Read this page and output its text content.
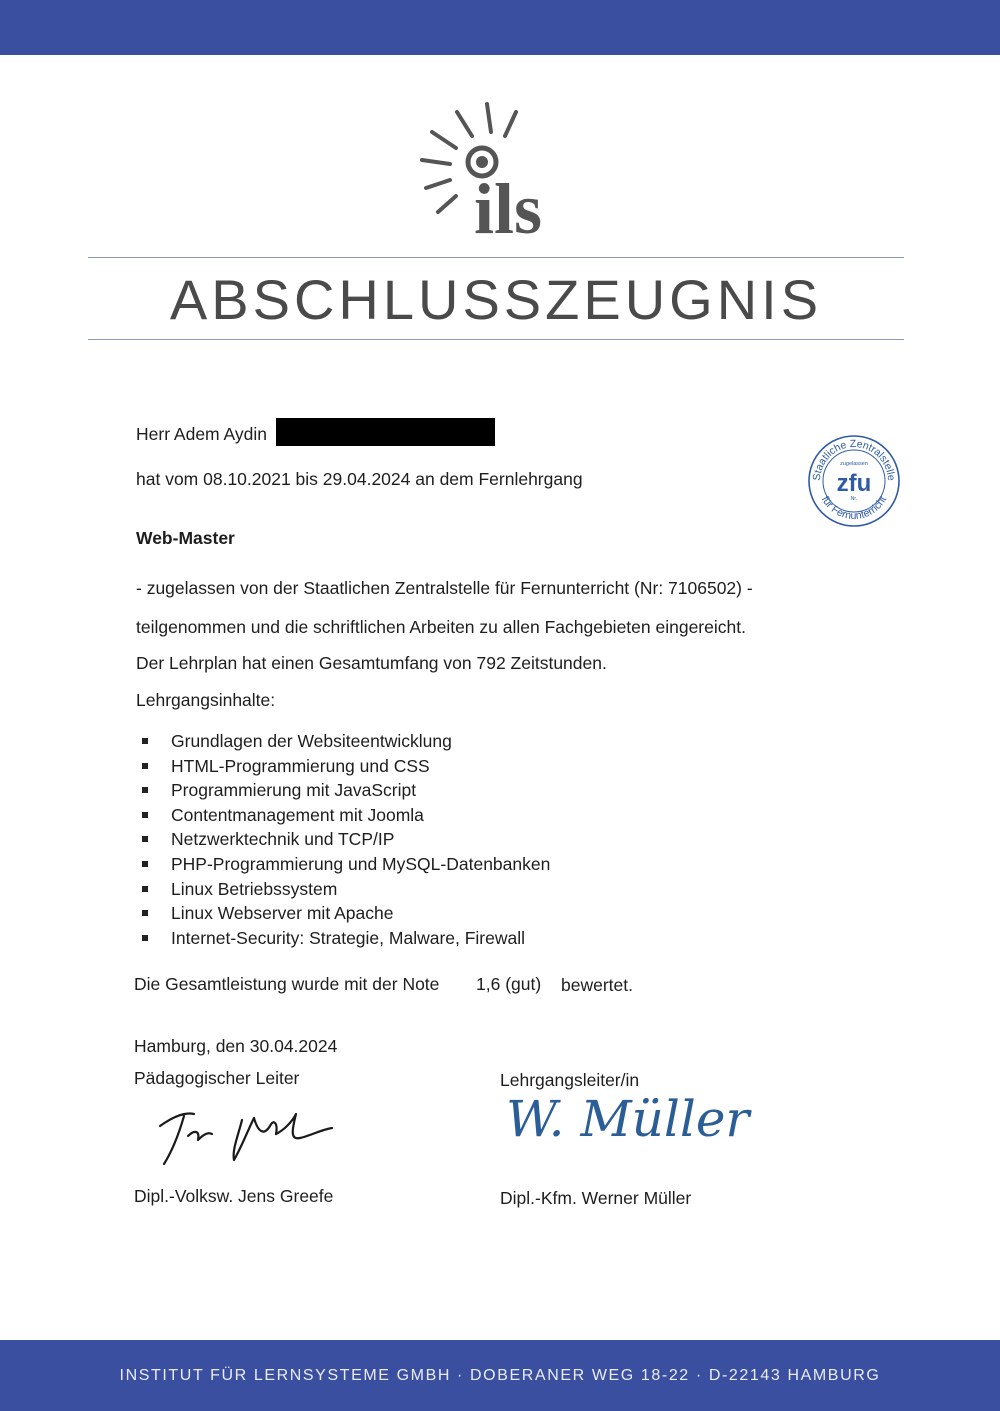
ils
ABSCHLUSSZEUGNIS
Herr Adem Aydin
hat vom 08.10.2021 bis 29.04.2024 an dem Fernlehrgang
Web-Master
- zugelassen von der Staatlichen Zentralstelle für Fernunterricht (Nr: 7106502) -
teilgenommen und die schriftlichen Arbeiten zu allen Fachgebieten eingereicht.
Der Lehrplan hat einen Gesamtumfang von 792 Zeitstunden.
Lehrgangsinhalte:
Grundlagen der Websiteentwicklung
HTML-Programmierung und CSS
Programmierung mit JavaScript
Contentmanagement mit Joomla
Netzwerktechnik und TCP/IP
PHP-Programmierung und MySQL-Datenbanken
Linux Betriebssystem
Linux Webserver mit Apache
Internet-Security: Strategie, Malware, Firewall
Die Gesamtleistung wurde mit der Note 1,6 (gut) bewertet.
Hamburg, den 30.04.2024
Pädagogischer Leiter	Lehrgangsleiter/in
W. Müller
Dipl.-Volksw. Jens Greefe	Dipl.-Kfm. Werner Müller
Staatliche Zentralstelle
für Fernunterricht
zugelassen
zfu
Nr.
INSTITUT FÜR LERNSYSTEME GMBH · DOBERANER WEG 18-22 · D-22143 HAMBURG
